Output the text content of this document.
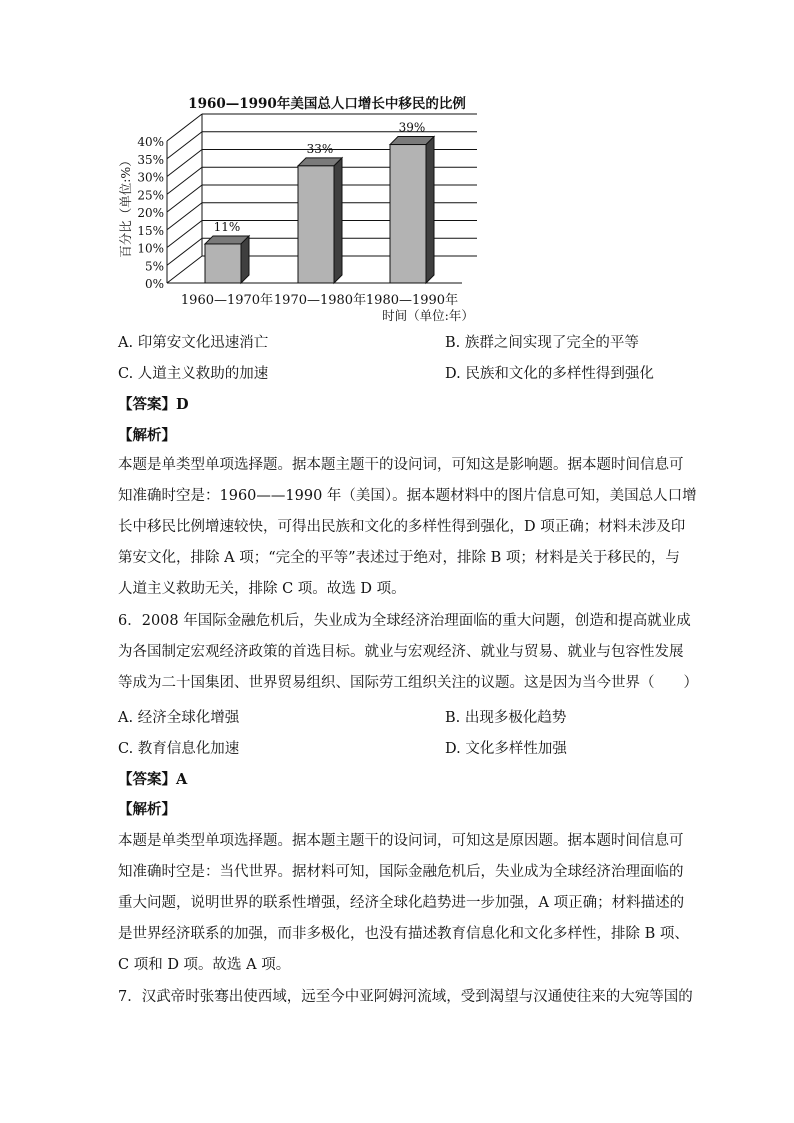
0%
5%
10%
15%
20%
25%
30%
35%
40%
11%
33%
39%
1960—1970年 1970—1980年 1980—1990年
1960—1990年美国总人口增长中移民的比例
百分比（单位:%）
时间（单位:年）
A. 印第安文化迅速消亡	B. 族群之间实现了完全的平等
C. 人道主义救助的加速	D. 民族和文化的多样性得到强化
【答案】D
【解析】
本题是单类型单项选择题。据本题主题干的设问词，可知这是影响题。据本题时间信息可
知准确时空是：1960——1990 年（美国）。据本题材料中的图片信息可知，美国总人口增
长中移民比例增速较快，可得出民族和文化的多样性得到强化，D 项正确；材料未涉及印
第安文化，排除 A 项；“完全的平等”表述过于绝对，排除 B 项；材料是关于移民的，与
人道主义救助无关，排除 C 项。故选 D 项。
6．2008 年国际金融危机后，失业成为全球经济治理面临的重大问题，创造和提高就业成
为各国制定宏观经济政策的首选目标。就业与宏观经济、就业与贸易、就业与包容性发展
等成为二十国集团、世界贸易组织、国际劳工组织关注的议题。这是因为当今世界（　　）
A. 经济全球化增强	B. 出现多极化趋势
C. 教育信息化加速	D. 文化多样性加强
【答案】A
【解析】
本题是单类型单项选择题。据本题主题干的设问词，可知这是原因题。据本题时间信息可
知准确时空是：当代世界。据材料可知，国际金融危机后，失业成为全球经济治理面临的
重大问题，说明世界的联系性增强，经济全球化趋势进一步加强，A 项正确；材料描述的
是世界经济联系的加强，而非多极化，也没有描述教育信息化和文化多样性，排除 B 项、
C 项和 D 项。故选 A 项。
7．汉武帝时张骞出使西域，远至今中亚阿姆河流域，受到渴望与汉通使往来的大宛等国的
